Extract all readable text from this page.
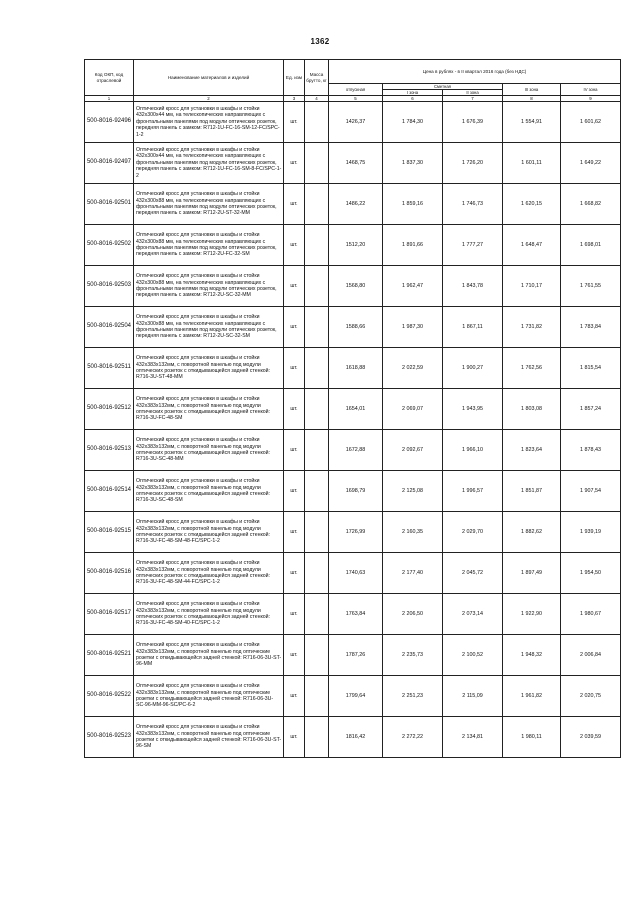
1362
Код ОКП, код отраслевой	Наименование материалов и изделий	Ед. изм	Масса брутто, кг	Цена в рублях - в II квартал 2016 года (без НДС)				
				отпускная	Сметная		III зона	IV зона
					I зона	II зона		
1	2	3	4	5	6	7	8	9
500-8016-92496	Оптический кросс для установки в шкафы и стойки 432х300х44 мм, на телескопических направляющих с фронтальными панелями под модули оптических розеток, передняя панель с замком: R712-1U-FC-16-SM-12-FC/SPC-1-2	шт.		1426,37	1 784,30	1 676,39	1 554,91	1 601,62
500-8016-92497	Оптический кросс для установки в шкафы и стойки 432х300х44 мм, на телескопических направляющих с фронтальными панелями под модули оптических розеток, передняя панель с замком: R712-1U-FC-16-SM-8-FC/SPC-1-2	шт.		1468,75	1 837,30	1 726,20	1 601,11	1 649,22
500-8016-92501	Оптический кросс для установки в шкафы и стойки 432х300х88 мм, на телескопических направляющих с фронтальными панелями под модули оптических розеток, передняя панель с замком: R712-2U-ST-32-MM	шт.		1486,22	1 859,16	1 746,73	1 620,15	1 668,82
500-8016-92502	Оптический кросс для установки в шкафы и стойки 432х300х88 мм, на телескопических направляющих с фронтальными панелями под модули оптических розеток, передняя панель с замком: R712-2U-FC-32-SM	шт.		1512,20	1 891,66	1 777,27	1 648,47	1 698,01
500-8016-92503	Оптический кросс для установки в шкафы и стойки 432х300х88 мм, на телескопических направляющих с фронтальными панелями под модули оптических розеток, передняя панель с замком: R712-2U-SC-32-MM	шт.		1568,80	1 962,47	1 843,78	1 710,17	1 761,55
500-8016-92504	Оптический кросс для установки в шкафы и стойки 432х300х88 мм, на телескопических направляющих с фронтальными панелями под модули оптических розеток, передняя панель с замком: R712-2U-SC-32-SM	шт.		1588,66	1 987,30	1 867,11	1 731,82	1 783,84
500-8016-92511	Оптический кросс для установки в шкафы и стойки 432х383х132мм, с поворотной панелью под модули оптических розеток с откидывающейся задней стенкой: R716-3U-ST-48-MM	шт.		1618,88	2 022,59	1 900,27	1 762,56	1 815,54
500-8016-92512	Оптический кросс для установки в шкафы и стойки 432х383х132мм, с поворотной панелью под модули оптических розеток с откидывающейся задней стенкой: R716-3U-FC-48-SM	шт.		1654,01	2 069,07	1 943,95	1 803,08	1 857,24
500-8016-92513	Оптический кросс для установки в шкафы и стойки 432х383х132мм, с поворотной панелью под модули оптических розеток с откидывающейся задней стенкой: R716-3U-SC-48-MM	шт.		1672,88	2 092,67	1 966,10	1 823,64	1 878,43
500-8016-92514	Оптический кросс для установки в шкафы и стойки 432х383х132мм, с поворотной панелью под модули оптических розеток с откидывающейся задней стенкой: R716-3U-SC-48-SM	шт.		1698,79	2 125,08	1 996,57	1 851,87	1 907,54
500-8016-92515	Оптический кросс для установки в шкафы и стойки 432х383х132мм, с поворотной панелью под модули оптических розеток с откидывающейся задней стенкой: R716-3U-FC-48-SM-48-FC/SPC-1-2	шт.		1726,99	2 160,35	2 029,70	1 882,62	1 939,19
500-8016-92516	Оптический кросс для установки в шкафы и стойки 432х383х132мм, с поворотной панелью под модули оптических розеток с откидывающейся задней стенкой: R716-3U-FC-48-SM-44-FC/SPC-1-2	шт.		1740,63	2 177,40	2 045,72	1 897,49	1 954,50
500-8016-92517	Оптический кросс для установки в шкафы и стойки 432х383х132мм, с поворотной панелью под модули оптических розеток с откидывающейся задней стенкой: R716-3U-FC-48-SM-40-FC/SPC-1-2	шт.		1763,84	2 206,50	2 073,14	1 922,90	1 980,67
500-8016-92521	Оптический кросс для установки в шкафы и стойки 432х383х132мм, с поворотной панелью под оптические розетки с откидывающейся задней стенкой: R716-06-3U-ST-96-MM	шт.		1787,26	2 235,73	2 100,52	1 948,32	2 006,84
500-8016-92522	Оптический кросс для установки в шкафы и стойки 432х383х132мм, с поворотной панелью под оптические розетки с откидывающейся задней стенкой: R716-06-3U-SC-96-MM-96-SC/PC-6-2	шт.		1799,64	2 251,23	2 115,09	1 961,82	2 020,75
500-8016-92523	Оптический кросс для установки в шкафы и стойки 432х383х132мм, с поворотной панелью под оптические розетки с откидывающейся задней стенкой: R716-06-3U-ST-96-SM	шт.		1816,42	2 272,22	2 134,81	1 980,11	2 039,59
